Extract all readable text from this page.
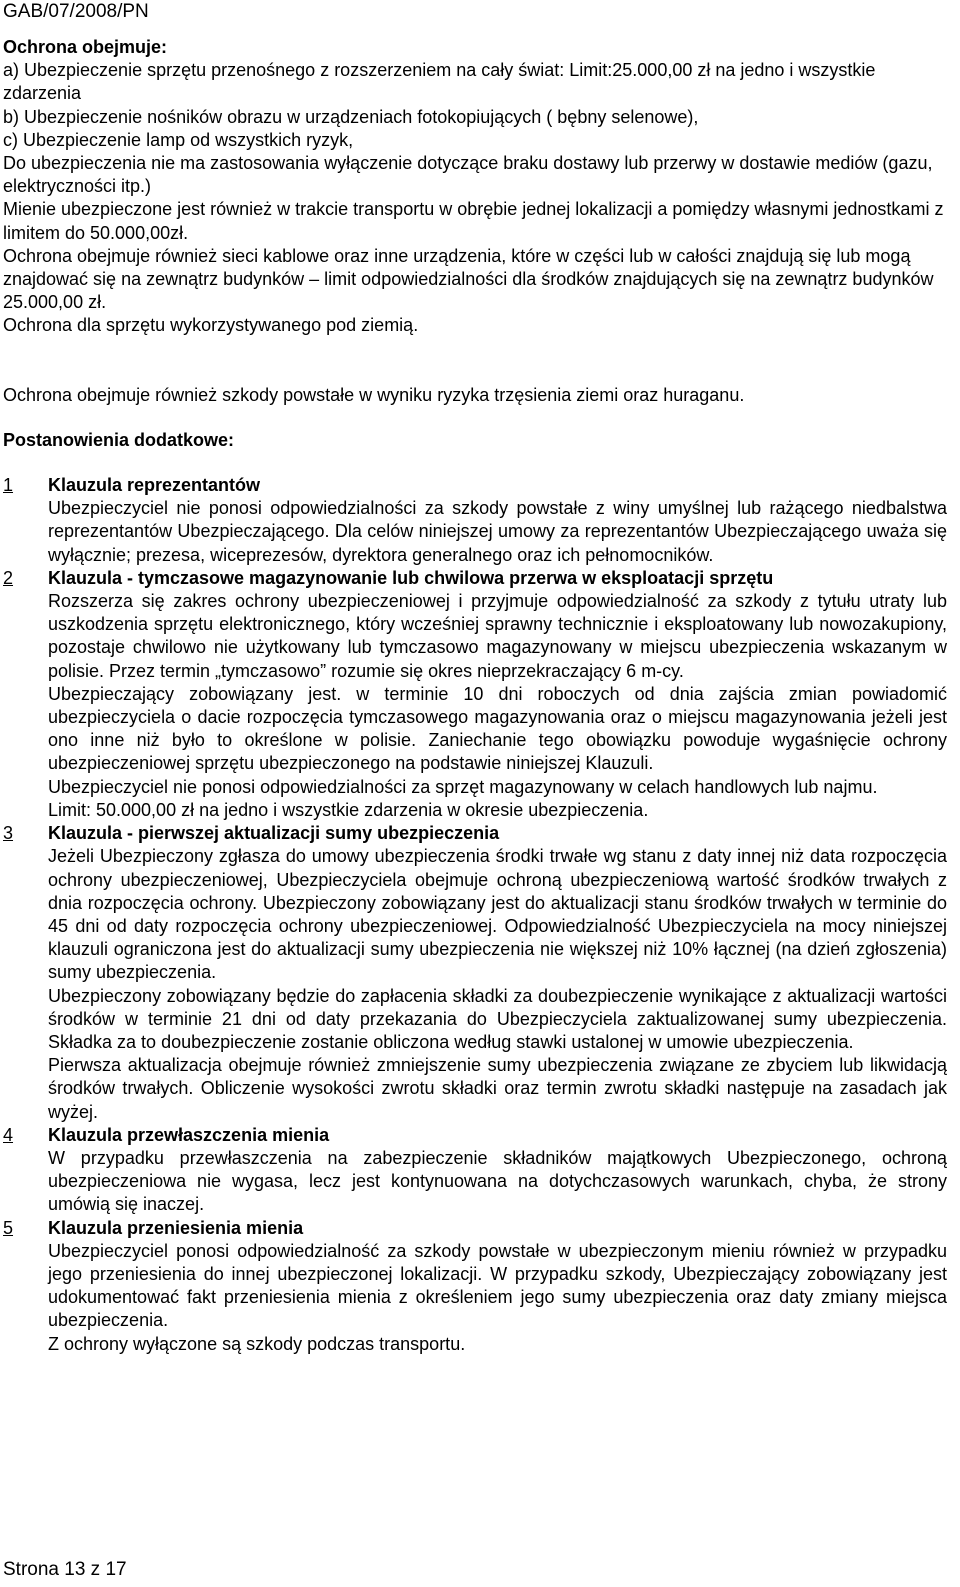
GAB/07/2008/PN

Ochrona obejmuje:

a) Ubezpieczenie sprzętu przenośnego z rozszerzeniem na cały świat: Limit:25.000,00 zł na jedno i wszystkie zdarzenia

b) Ubezpieczenie nośników obrazu w urządzeniach fotokopiujących ( bębny selenowe),

c) Ubezpieczenie lamp od wszystkich ryzyk,

Do ubezpieczenia nie ma zastosowania wyłączenie dotyczące braku dostawy lub przerwy w dostawie mediów (gazu, elektryczności itp.)

Mienie ubezpieczone jest również w trakcie transportu w obrębie jednej lokalizacji a pomiędzy własnymi jednostkami z limitem do 50.000,00zł.

Ochrona obejmuje również sieci kablowe oraz inne urządzenia, które w części lub w całości znajdują się lub mogą znajdować się na zewnątrz budynków – limit odpowiedzialności dla środków znajdujących się na zewnątrz budynków 25.000,00 zł.

Ochrona dla sprzętu wykorzystywanego pod ziemią.

Ochrona obejmuje również szkody powstałe w wyniku ryzyka trzęsienia ziemi oraz huraganu.

Postanowienia dodatkowe:

1	Klauzula reprezentantów

Ubezpieczyciel nie ponosi odpowiedzialności za szkody powstałe z winy umyślnej lub rażącego niedbalstwa reprezentantów Ubezpieczającego. Dla celów niniejszej umowy za reprezentantów Ubezpieczającego uważa się wyłącznie; prezesa, wiceprezesów, dyrektora generalnego oraz ich pełnomocników.

2	Klauzula - tymczasowe magazynowanie lub chwilowa przerwa w eksploatacji sprzętu

Rozszerza się zakres ochrony ubezpieczeniowej i przyjmuje odpowiedzialność za szkody z tytułu utraty lub uszkodzenia sprzętu elektronicznego, który wcześniej sprawny technicznie i eksploatowany lub nowozakupiony, pozostaje chwilowo nie użytkowany lub tymczasowo magazynowany w miejscu ubezpieczenia wskazanym w polisie. Przez termin „tymczasowo” rozumie się okres nieprzekraczający 6 m-cy.

Ubezpieczający zobowiązany jest. w terminie 10 dni roboczych od dnia zajścia zmian powiadomić ubezpieczyciela o dacie rozpoczęcia tymczasowego magazynowania oraz o miejscu magazynowania jeżeli jest ono inne niż było to określone w polisie. Zaniechanie tego obowiązku powoduje wygaśnięcie ochrony ubezpieczeniowej sprzętu ubezpieczonego na podstawie niniejszej Klauzuli.

Ubezpieczyciel nie ponosi odpowiedzialności za sprzęt magazynowany w celach handlowych lub najmu.

Limit: 50.000,00 zł na jedno i wszystkie zdarzenia w okresie ubezpieczenia.

3	Klauzula - pierwszej aktualizacji sumy ubezpieczenia

Jeżeli Ubezpieczony zgłasza do umowy ubezpieczenia środki trwałe wg stanu z daty innej niż data rozpoczęcia ochrony ubezpieczeniowej, Ubezpieczyciela obejmuje ochroną ubezpieczeniową wartość środków trwałych z dnia rozpoczęcia ochrony. Ubezpieczony zobowiązany jest do aktualizacji stanu środków trwałych w terminie do 45 dni od daty rozpoczęcia ochrony ubezpieczeniowej. Odpowiedzialność Ubezpieczyciela na mocy niniejszej klauzuli ograniczona jest do aktualizacji sumy ubezpieczenia nie większej niż 10% łącznej (na dzień zgłoszenia) sumy ubezpieczenia.

Ubezpieczony zobowiązany będzie do zapłacenia składki za doubezpieczenie wynikające z aktualizacji wartości środków w terminie 21 dni od daty przekazania do Ubezpieczyciela zaktualizowanej sumy ubezpieczenia. Składka za to doubezpieczenie zostanie obliczona według stawki ustalonej w umowie ubezpieczenia.

Pierwsza aktualizacja obejmuje również zmniejszenie sumy ubezpieczenia związane ze zbyciem lub likwidacją środków trwałych. Obliczenie wysokości zwrotu składki oraz termin zwrotu składki następuje na zasadach jak wyżej.

4	Klauzula przewłaszczenia mienia

W przypadku przewłaszczenia na zabezpieczenie składników majątkowych Ubezpieczonego, ochroną ubezpieczeniowa nie wygasa, lecz jest kontynuowana na dotychczasowych warunkach, chyba, że strony umówią się inaczej.

5	Klauzula przeniesienia mienia

Ubezpieczyciel ponosi odpowiedzialność za szkody powstałe w ubezpieczonym mieniu również w przypadku jego przeniesienia do innej ubezpieczonej lokalizacji. W przypadku szkody, Ubezpieczający zobowiązany jest udokumentować fakt przeniesienia mienia z określeniem jego sumy ubezpieczenia oraz daty zmiany miejsca ubezpieczenia.

Z ochrony wyłączone są szkody podczas transportu.

Strona 13 z 17
